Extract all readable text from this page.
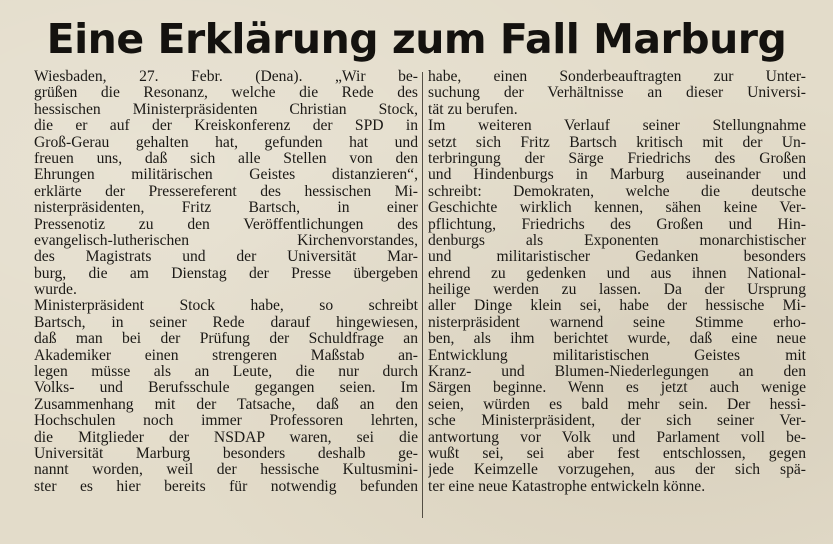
Eine Erklärung zum Fall Marburg
Wiesbaden, 27. Febr. (Dena). „Wir be-
grüßen die Resonanz, welche die Rede des
hessischen Ministerpräsidenten Christian Stock,
die er auf der Kreiskonferenz der SPD in
Groß-Gerau gehalten hat, gefunden hat und
freuen uns, daß sich alle Stellen von den
Ehrungen militärischen Geistes distanzieren“,
erklärte der Pressereferent des hessischen Mi-
nisterpräsidenten, Fritz Bartsch, in einer
Pressenotiz zu den Veröffentlichungen des
evangelisch-lutherischen Kirchenvorstandes,
des Magistrats und der Universität Mar-
burg, die am Dienstag der Presse übergeben
wurde.
Ministerpräsident Stock habe, so schreibt
Bartsch, in seiner Rede darauf hingewiesen,
daß man bei der Prüfung der Schuldfrage an
Akademiker einen strengeren Maßstab an-
legen müsse als an Leute, die nur durch
Volks- und Berufsschule gegangen seien. Im
Zusammenhang mit der Tatsache, daß an den
Hochschulen noch immer Professoren lehrten,
die Mitglieder der NSDAP waren, sei die
Universität Marburg besonders deshalb ge-
nannt worden, weil der hessische Kultusmini-
ster es hier bereits für notwendig befunden
habe, einen Sonderbeauftragten zur Unter-
suchung der Verhältnisse an dieser Universi-
tät zu berufen.
Im weiteren Verlauf seiner Stellungnahme
setzt sich Fritz Bartsch kritisch mit der Un-
terbringung der Särge Friedrichs des Großen
und Hindenburgs in Marburg auseinander und
schreibt: Demokraten, welche die deutsche
Geschichte wirklich kennen, sähen keine Ver-
pflichtung, Friedrichs des Großen und Hin-
denburgs als Exponenten monarchistischer
und militaristischer Gedanken besonders
ehrend zu gedenken und aus ihnen National-
heilige werden zu lassen. Da der Ursprung
aller Dinge klein sei, habe der hessische Mi-
nisterpräsident warnend seine Stimme erho-
ben, als ihm berichtet wurde, daß eine neue
Entwicklung militaristischen Geistes mit
Kranz- und Blumen-Niederlegungen an den
Särgen beginne. Wenn es jetzt auch wenige
seien, würden es bald mehr sein. Der hessi-
sche Ministerpräsident, der sich seiner Ver-
antwortung vor Volk und Parlament voll be-
wußt sei, sei aber fest entschlossen, gegen
jede Keimzelle vorzugehen, aus der sich spä-
ter eine neue Katastrophe entwickeln könne.
